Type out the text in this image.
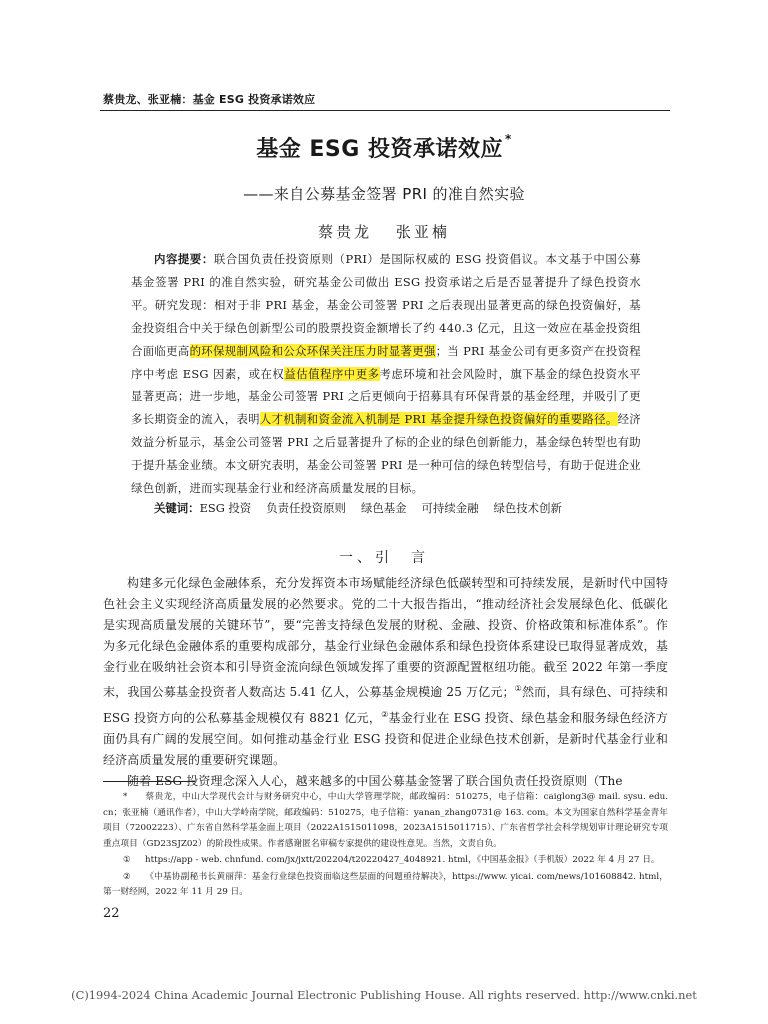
蔡贵龙、张亚楠：基金 ESG 投资承诺效应
基金 ESG 投资承诺效应 *
——来自公募基金签署 PRI 的准自然实验
蔡贵龙 张亚楠
内容提要：联合国负责任投资原则（PRI）是国际权威的 ESG 投资倡议。本文基于中国公募基金签署 PRI 的准自然实验，研究基金公司做出 ESG 投资承诺之后是否显著提升了绿色投资水平。研究发现：相对于非 PRI 基金，基金公司签署 PRI 之后表现出显著更高的绿色投资偏好，基金投资组合中关于绿色创新型公司的股票投资金额增长了约 440.3 亿元，且这一效应在基金投资组合面临更高的环保规制风险和公众环保关注压力时显著更强；当 PRI 基金公司有更多资产在投资程序中考虑 ESG 因素，或在权益估值程序中更多考虑环境和社会风险时，旗下基金的绿色投资水平显著更高；进一步地，基金公司签署 PRI 之后更倾向于招募具有环保背景的基金经理，并吸引了更多长期资金的流入，表明人才机制和资金流入机制是 PRI 基金提升绿色投资偏好的重要路径。经济效益分析显示，基金公司签署 PRI 之后显著提升了标的企业的绿色创新能力，基金绿色转型也有助于提升基金业绩。本文研究表明，基金公司签署 PRI 是一种可信的绿色转型信号，有助于促进企业绿色创新，进而实现基金行业和经济高质量发展的目标。
关键词：ESG 投资 负责任投资原则 绿色基金 可持续金融 绿色技术创新
一、引　言

构建多元化绿色金融体系，充分发挥资本市场赋能经济绿色低碳转型和可持续发展，是新时代中国特色社会主义实现经济高质量发展的必然要求。党的二十大报告指出，“推动经济社会发展绿色化、低碳化是实现高质量发展的关键环节”，要“完善支持绿色发展的财税、金融、投资、价格政策和标准体系”。作为多元化绿色金融体系的重要构成部分，基金行业绿色金融体系和绿色投资体系建设已取得显著成效，基金行业在吸纳社会资本和引导资金流向绿色领域发挥了重要的资源配置枢纽功能。截至 2022 年第一季度末，我国公募基金投资者人数高达 5.41 亿人，公募基金规模逾 25 万亿元；①然而，具有绿色、可持续和 ESG 投资方向的公私募基金规模仅有 8821 亿元，②基金行业在 ESG 投资、绿色基金和服务绿色经济方面仍具有广阔的发展空间。如何推动基金行业 ESG 投资和促进企业绿色技术创新，是新时代基金行业和经济高质量发展的重要研究课题。

随着 ESG 投资理念深入人心，越来越多的中国公募基金签署了联合国负责任投资原则（The

* 蔡贵龙，中山大学现代会计与财务研究中心，中山大学管理学院，邮政编码：510275，电子信箱：caiglong3@ mail. sysu. edu. cn；张亚楠（通讯作者），中山大学岭南学院，邮政编码：510275，电子信箱：yanan_zhang0731@ 163. com。本文为国家自然科学基金青年项目（72002223）、广东省自然科学基金面上项目（2022A1515011098，2023A1515011715）、广东省哲学社会科学规划审计理论研究专项重点项目（GD23SJZ02）的阶段性成果。作者感谢匿名审稿专家提供的建设性意见。当然，文责自负。

① https://app - web. chnfund. com/jx/jxtt/202204/t20220427_4048921. html，《中国基金报》（手机版）2022 年 4 月 27 日。

② 《中基协副秘书长黄丽萍：基金行业绿色投资面临这些层面的问题亟待解决》，https://www. yicai. com/news/101608842. html，第一财经网，2022 年 11 月 29 日。

22
(C)1994-2024 China Academic Journal Electronic Publishing House. All rights reserved. http://www.cnki.net
